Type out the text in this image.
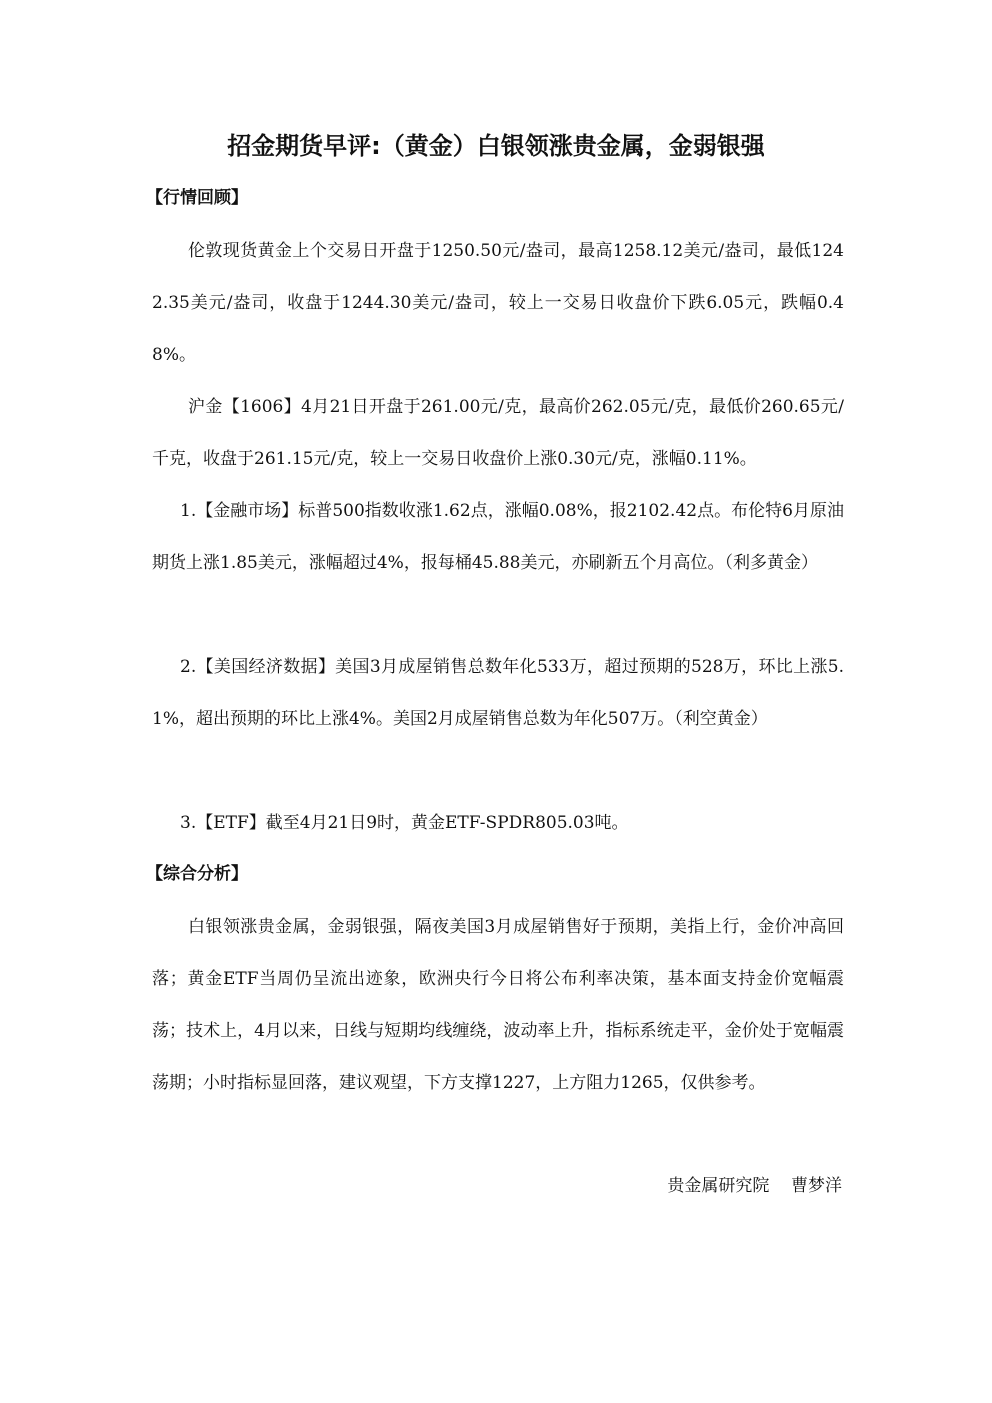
招金期货早评:（黄金）白银领涨贵金属，金弱银强
【行情回顾】

伦敦现货黄金上个交易日开盘于1250.50元/盎司，最高1258.12美元/盎司，最低1242.35美元/盎司，收盘于1244.30美元/盎司，较上一交易日收盘价下跌6.05元，跌幅0.48%。

沪金【1606】4月21日开盘于261.00元/克，最高价262.05元/克，最低价260.65元/千克，收盘于261.15元/克，较上一交易日收盘价上涨0.30元/克，涨幅0.11%。

1.【金融市场】标普500指数收涨1.62点，涨幅0.08%，报2102.42点。布伦特6月原油期货上涨1.85美元，涨幅超过4%，报每桶45.88美元，亦刷新五个月高位。（利多黄金）

2.【美国经济数据】美国3月成屋销售总数年化533万，超过预期的528万，环比上涨5.1%，超出预期的环比上涨4%。美国2月成屋销售总数为年化507万。（利空黄金）

3.【ETF】截至4月21日9时，黄金ETF-SPDR805.03吨。

【综合分析】

白银领涨贵金属，金弱银强，隔夜美国3月成屋销售好于预期，美指上行，金价冲高回落；黄金ETF当周仍呈流出迹象，欧洲央行今日将公布利率决策，基本面支持金价宽幅震荡；技术上，4月以来，日线与短期均线缠绕，波动率上升，指标系统走平，金价处于宽幅震荡期；小时指标显回落，建议观望，下方支撑1227，上方阻力1265，仅供参考。

贵金属研究院    曹梦洋
